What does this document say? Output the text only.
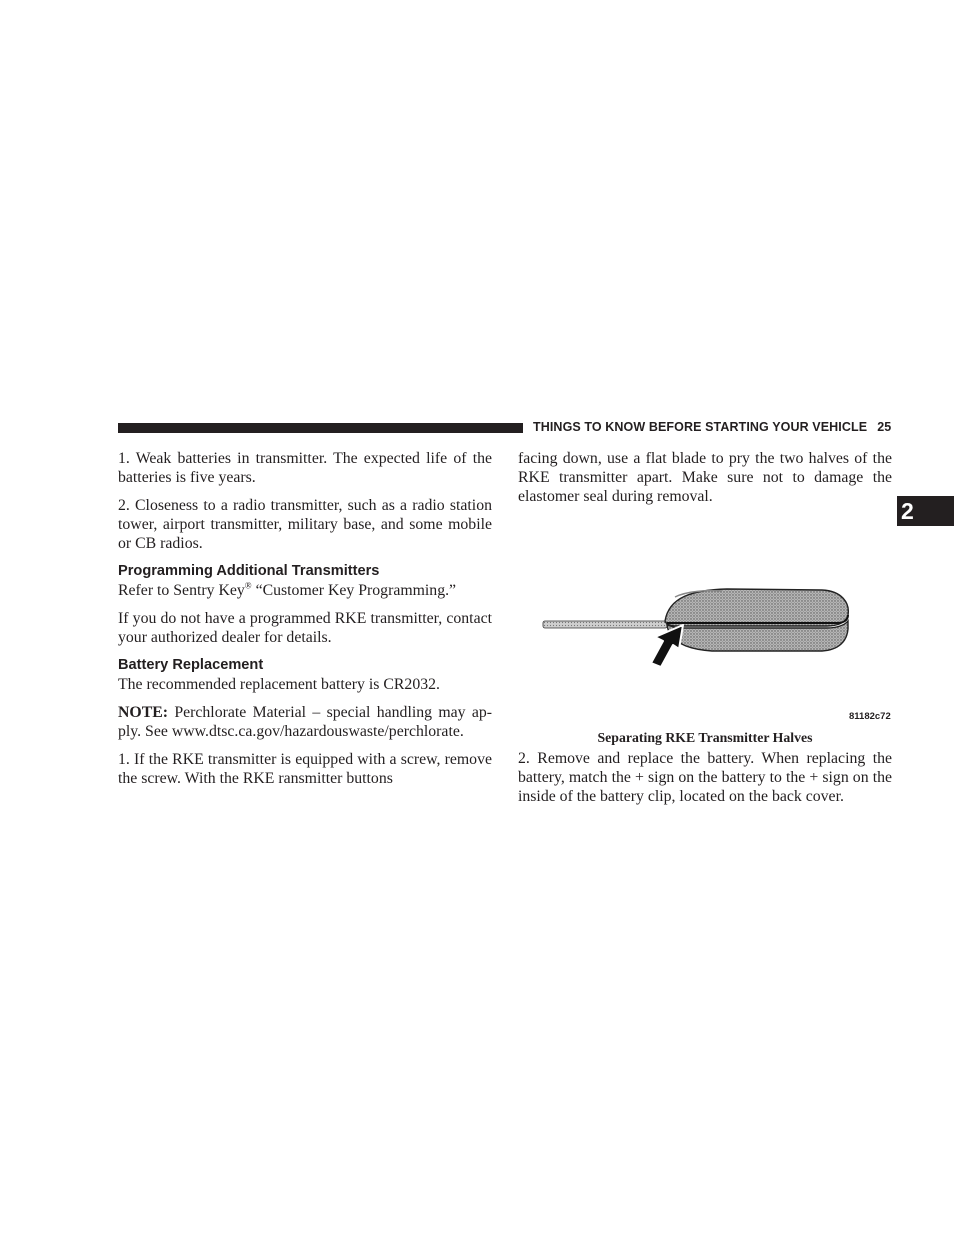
THINGS TO KNOW BEFORE STARTING YOUR VEHICLE 25
2

1. Weak batteries in transmitter. The expected life of the batteries is five years.

2. Closeness to a radio transmitter, such as a radio station tower, airport transmitter, military base, and some mobile or CB radios.

Programming Additional Transmitters

Refer to Sentry Key® “Customer Key Programming.”

If you do not have a programmed RKE transmitter, contact your authorized dealer for details.

Battery Replacement

The recommended replacement battery is CR2032.

NOTE: Perchlorate Material – special handling may ap- ply. See www.dtsc.ca.gov/hazardouswaste/perchlorate.

1. If the RKE transmitter is equipped with a screw, remove the screw. With the RKE ransmitter buttons

facing down, use a flat blade to pry the two halves of the RKE transmitter apart. Make sure not to damage the elastomer seal during removal.

81182c72
Separating RKE Transmitter Halves

2. Remove and replace the battery. When replacing the battery, match the + sign on the battery to the + sign on the inside of the battery clip, located on the back cover.
